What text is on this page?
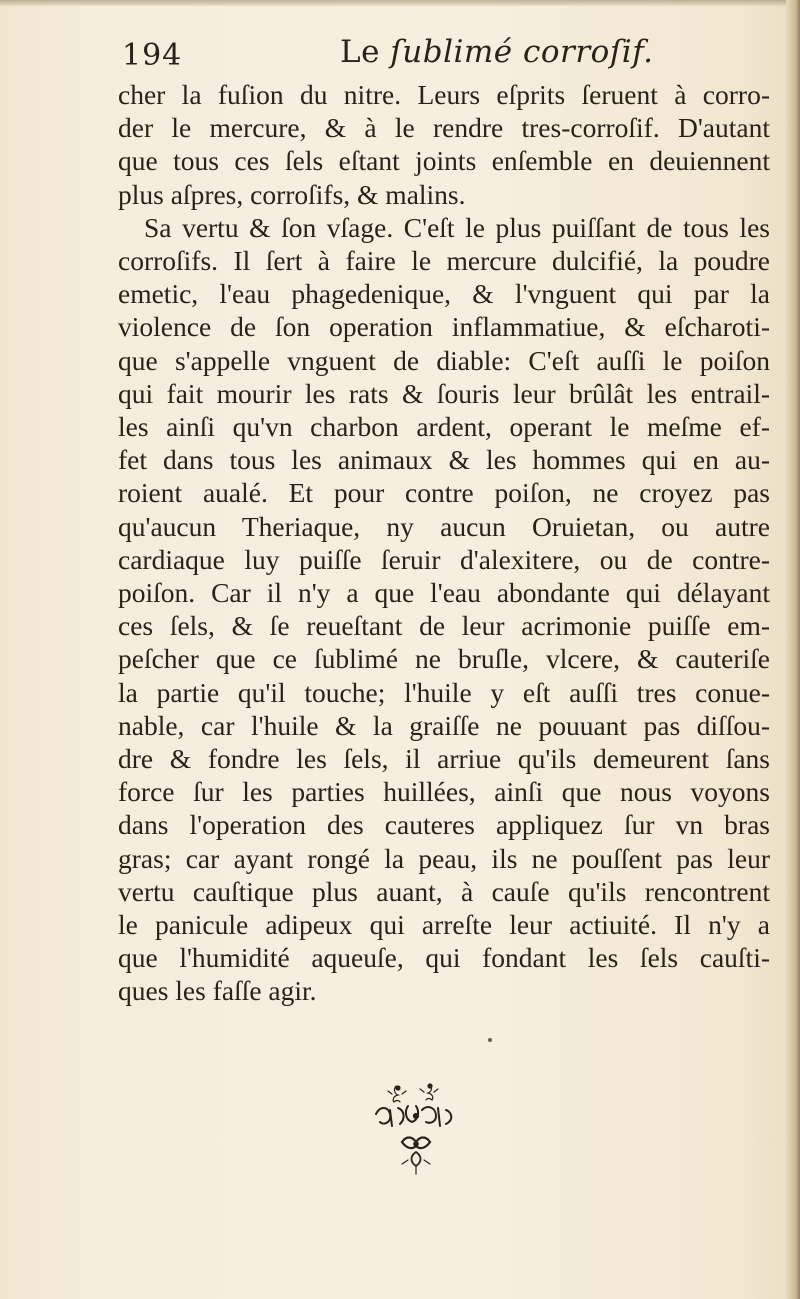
194	Le ſublimé corroſif.
cher la fuſion du nitre. Leurs eſprits ſeruent à corro-
der le mercure, & à le rendre tres-corroſif. D'autant
que tous ces ſels eſtant joints enſemble en deuiennent
plus aſpres, corroſifs, & malins.
Sa vertu & ſon vſage. C'eſt le plus puiſſant de tous les
corroſifs. Il ſert à faire le mercure dulcifié, la poudre
emetic, l'eau phagedenique, & l'vnguent qui par la
violence de ſon operation inflammatiue, & eſcharoti-
que s'appelle vnguent de diable: C'eſt auſſi le poiſon
qui fait mourir les rats & ſouris leur brûlât les entrail-
les ainſi qu'vn charbon ardent, operant le meſme ef-
fet dans tous les animaux & les hommes qui en au-
roient aualé. Et pour contre poiſon, ne croyez pas
qu'aucun Theriaque, ny aucun Oruietan, ou autre
cardiaque luy puiſſe ſeruir d'alexitere, ou de contre-
poiſon. Car il n'y a que l'eau abondante qui délayant
ces ſels, & ſe reueſtant de leur acrimonie puiſſe em-
peſcher que ce ſublimé ne bruſle, vlcere, & cauteriſe
la partie qu'il touche; l'huile y eſt auſſi tres conue-
nable, car l'huile & la graiſſe ne pouuant pas diſſou-
dre & fondre les ſels, il arriue qu'ils demeurent ſans
force ſur les parties huillées, ainſi que nous voyons
dans l'operation des cauteres appliquez ſur vn bras
gras; car ayant rongé la peau, ils ne pouſſent pas leur
vertu cauſtique plus auant, à cauſe qu'ils rencontrent
le panicule adipeux qui arreſte leur actiuité. Il n'y a
que l'humidité aqueuſe, qui fondant les ſels cauſti-
ques les faſſe agir.
